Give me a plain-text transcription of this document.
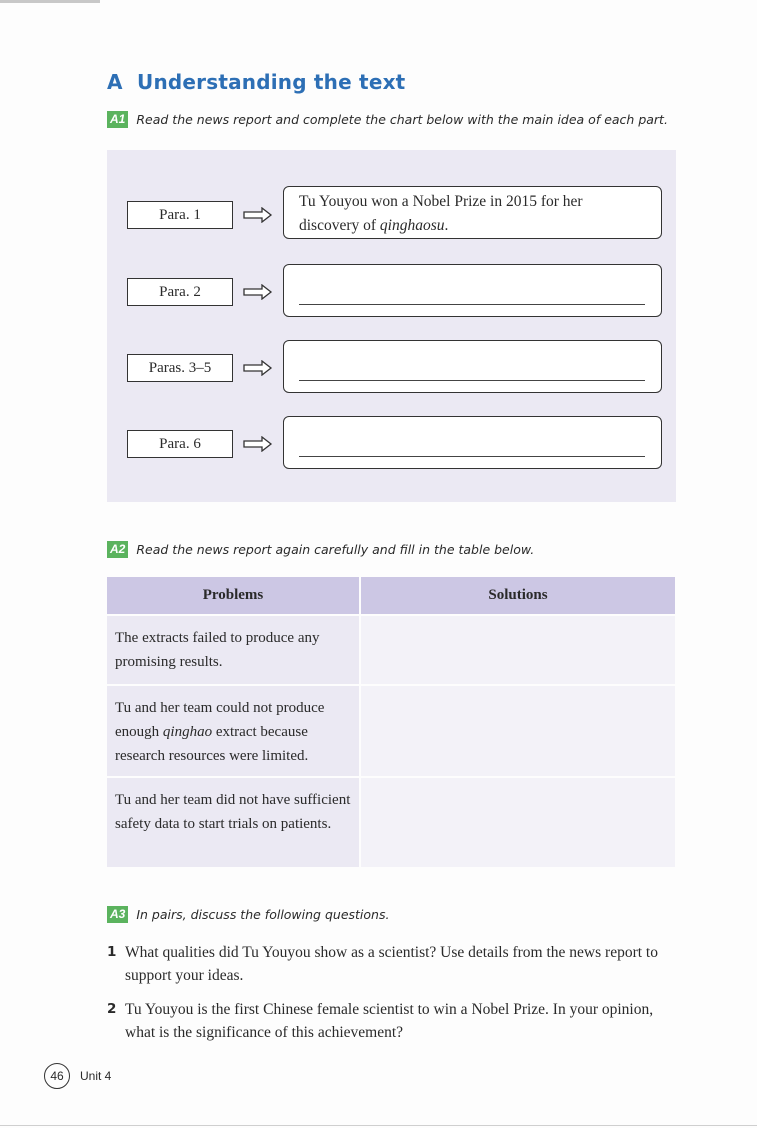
A Understanding the text
A1 Read the news report and complete the chart below with the main idea of each part.
Para. 1
Tu Youyou won a Nobel Prize in 2015 for her discovery of qinghaosu.
Para. 2
Paras. 3–5
Para. 6
A2 Read the news report again carefully and fill in the table below.
Problems	Solutions
The extracts failed to produce any promising results.	
Tu and her team could not produce enough qinghao extract because research resources were limited.	
Tu and her team did not have sufficient safety data to start trials on patients.	
A3 In pairs, discuss the following questions.
1 What qualities did Tu Youyou show as a scientist? Use details from the news report to support your ideas.
2 Tu Youyou is the first Chinese female scientist to win a Nobel Prize. In your opinion, what is the significance of this achievement?
46 Unit 4
